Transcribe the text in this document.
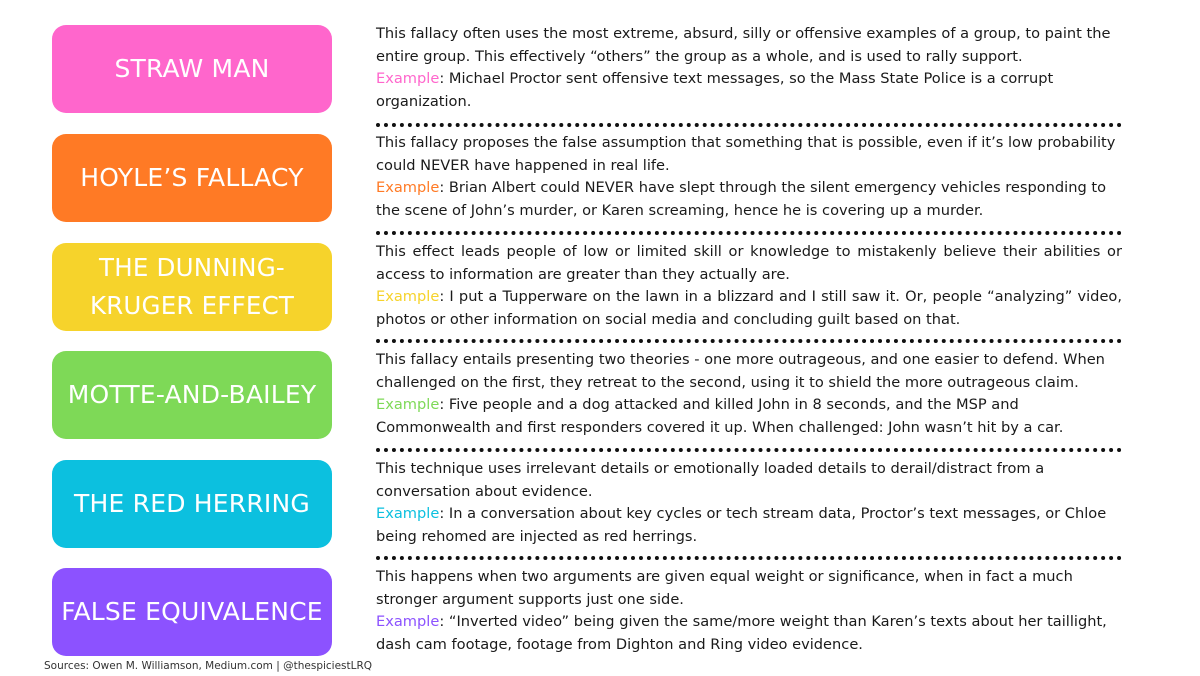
STRAW MAN

This fallacy often uses the most extreme, absurd, silly or offensive examples of a group, to paint the entire group. This effectively “others” the group as a whole, and is used to rally support.
Example: Michael Proctor sent offensive text messages, so the Mass State Police is a corrupt organization.

HOYLE’S FALLACY

This fallacy proposes the false assumption that something that is possible, even if it’s low probability could NEVER have happened in real life.
Example: Brian Albert could NEVER have slept through the silent emergency vehicles responding to the scene of John’s murder, or Karen screaming, hence he is covering up a murder.

THE DUNNING-KRUGER EFFECT

This effect leads people of low or limited skill or knowledge to mistakenly believe their abilities or access to information are greater than they actually are.
Example: I put a Tupperware on the lawn in a blizzard and I still saw it. Or, people “analyzing” video, photos or other information on social media and concluding guilt based on that.

MOTTE-AND-BAILEY

This fallacy entails presenting two theories - one more outrageous, and one easier to defend. When challenged on the first, they retreat to the second, using it to shield the more outrageous claim.
Example: Five people and a dog attacked and killed John in 8 seconds, and the MSP and Commonwealth and first responders covered it up. When challenged: John wasn’t hit by a car.

THE RED HERRING

This technique uses irrelevant details or emotionally loaded details to derail/distract from a conversation about evidence.
Example: In a conversation about key cycles or tech stream data, Proctor’s text messages, or Chloe being rehomed are injected as red herrings.

FALSE EQUIVALENCE

This happens when two arguments are given equal weight or significance, when in fact a much stronger argument supports just one side.
Example: “Inverted video” being given the same/more weight than Karen’s texts about her taillight, dash cam footage, footage from Dighton and Ring video evidence.

Sources: Owen M. Williamson, Medium.com | @thespiciestLRQ
